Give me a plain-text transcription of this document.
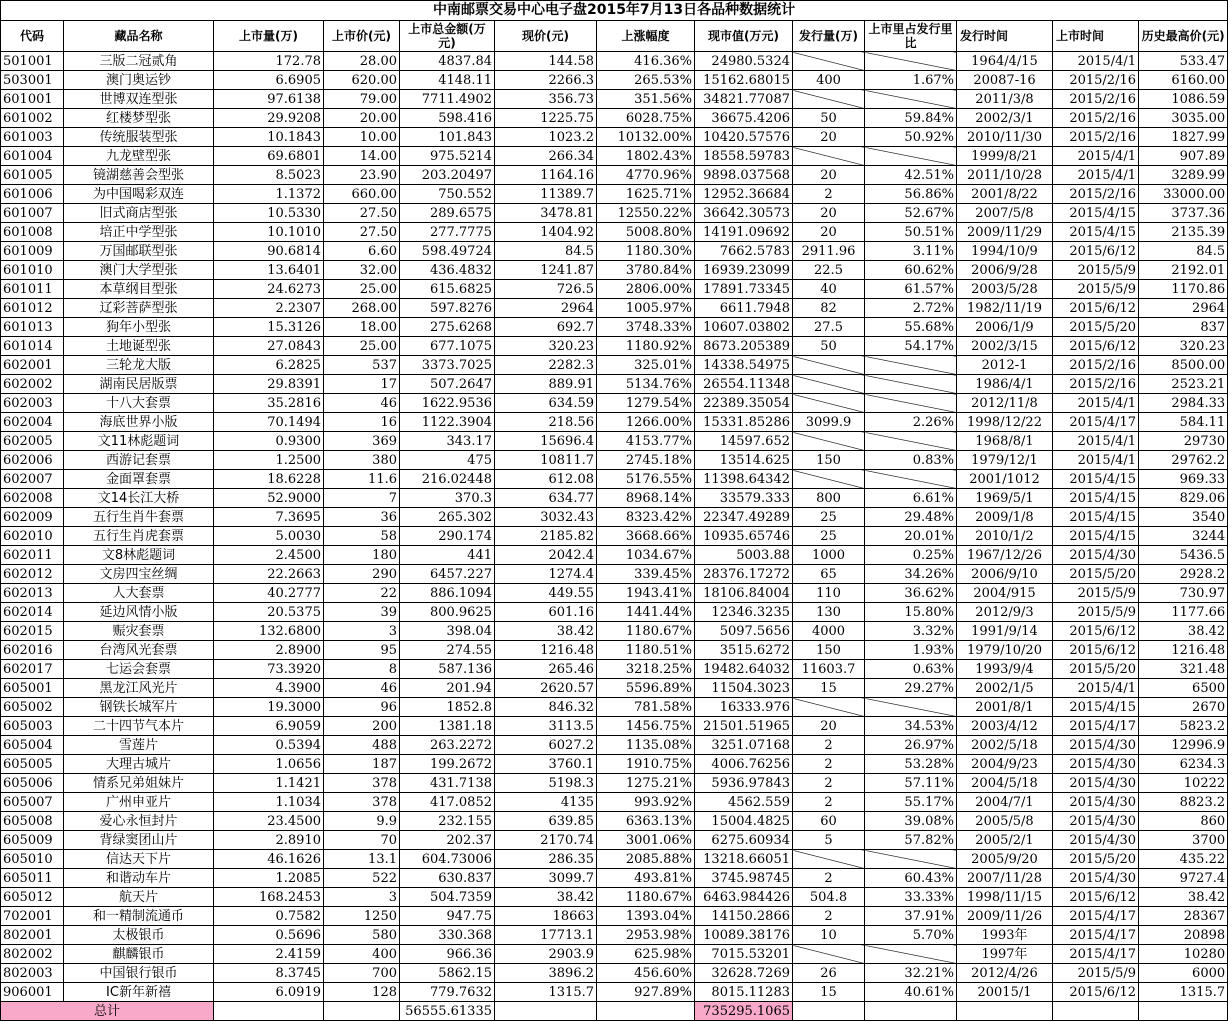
中南邮票交易中心电子盘2015年7月13日各品种数据统计												
代码	藏品名称	上市量(万)	上市价(元)	上市总金额(万元)	现价(元)	上涨幅度	现市值(万元)	发行量(万)	上市里占发行里比	发行时间	上市时间	历史最高价(元)
501001	三版二冠贰角	172.78	28.00	4837.84	144.58	416.36%	24980.5324			1964/4/15	2015/4/1	533.47
503001	澳门奥运钞	6.6905	620.00	4148.11	2266.3	265.53%	15162.68015	400	1.67%	20087-16	2015/2/16	6160.00
601001	世博双连型张	97.6138	79.00	7711.4902	356.73	351.56%	34821.77087			2011/3/8	2015/2/16	1086.59
601002	红楼梦型张	29.9208	20.00	598.416	1225.75	6028.75%	36675.4206	50	59.84%	2002/3/1	2015/2/16	3035.00
601003	传统服装型张	10.1843	10.00	101.843	1023.2	10132.00%	10420.57576	20	50.92%	2010/11/30	2015/2/16	1827.99
601004	九龙壁型张	69.6801	14.00	975.5214	266.34	1802.43%	18558.59783			1999/8/21	2015/4/1	907.89
601005	镜湖慈善会型张	8.5023	23.90	203.20497	1164.16	4770.96%	9898.037568	20	42.51%	2011/10/28	2015/4/1	3289.99
601006	为中国喝彩双连	1.1372	660.00	750.552	11389.7	1625.71%	12952.36684	2	56.86%	2001/8/22	2015/2/16	33000.00
601007	旧式商店型张	10.5330	27.50	289.6575	3478.81	12550.22%	36642.30573	20	52.67%	2007/5/8	2015/4/15	3737.36
601008	培正中学型张	10.1010	27.50	277.7775	1404.92	5008.80%	14191.09692	20	50.51%	2009/11/29	2015/4/15	2135.39
601009	万国邮联型张	90.6814	6.60	598.49724	84.5	1180.30%	7662.5783	2911.96	3.11%	1994/10/9	2015/6/12	84.5
601010	澳门大学型张	13.6401	32.00	436.4832	1241.87	3780.84%	16939.23099	22.5	60.62%	2006/9/28	2015/5/9	2192.01
601011	本草纲目型张	24.6273	25.00	615.6825	726.5	2806.00%	17891.73345	40	61.57%	2003/5/28	2015/5/9	1170.86
601012	辽彩菩萨型张	2.2307	268.00	597.8276	2964	1005.97%	6611.7948	82	2.72%	1982/11/19	2015/6/12	2964
601013	狗年小型张	15.3126	18.00	275.6268	692.7	3748.33%	10607.03802	27.5	55.68%	2006/1/9	2015/5/20	837
601014	土地诞型张	27.0843	25.00	677.1075	320.23	1180.92%	8673.205389	50	54.17%	2002/3/15	2015/6/12	320.23
602001	三轮龙大版	6.2825	537	3373.7025	2282.3	325.01%	14338.54975			2012-1	2015/2/16	8500.00
602002	湖南民居版票	29.8391	17	507.2647	889.91	5134.76%	26554.11348			1986/4/1	2015/2/16	2523.21
602003	十八大套票	35.2816	46	1622.9536	634.59	1279.54%	22389.35054			2012/11/8	2015/4/1	2984.33
602004	海底世界小版	70.1494	16	1122.3904	218.56	1266.00%	15331.85286	3099.9	2.26%	1998/12/22	2015/4/17	584.11
602005	文11林彪题词	0.9300	369	343.17	15696.4	4153.77%	14597.652			1968/8/1	2015/4/1	29730
602006	西游记套票	1.2500	380	475	10811.7	2745.18%	13514.625	150	0.83%	1979/12/1	2015/4/1	29762.2
602007	金面罩套票	18.6228	11.6	216.02448	612.08	5176.55%	11398.64342			2001/1012	2015/4/15	969.33
602008	文14长江大桥	52.9000	7	370.3	634.77	8968.14%	33579.333	800	6.61%	1969/5/1	2015/4/15	829.06
602009	五行生肖牛套票	7.3695	36	265.302	3032.43	8323.42%	22347.49289	25	29.48%	2009/1/8	2015/4/15	3540
602010	五行生肖虎套票	5.0030	58	290.174	2185.82	3668.66%	10935.65746	25	20.01%	2010/1/2	2015/4/15	3244
602011	文8林彪题词	2.4500	180	441	2042.4	1034.67%	5003.88	1000	0.25%	1967/12/26	2015/4/30	5436.5
602012	文房四宝丝绸	22.2663	290	6457.227	1274.4	339.45%	28376.17272	65	34.26%	2006/9/10	2015/5/20	2928.2
602013	人大套票	40.2777	22	886.1094	449.55	1943.41%	18106.84004	110	36.62%	2004/915	2015/5/9	730.97
602014	延边风情小版	20.5375	39	800.9625	601.16	1441.44%	12346.3235	130	15.80%	2012/9/3	2015/5/9	1177.66
602015	赈灾套票	132.6800	3	398.04	38.42	1180.67%	5097.5656	4000	3.32%	1991/9/14	2015/6/12	38.42
602016	台湾风光套票	2.8900	95	274.55	1216.48	1180.51%	3515.6272	150	1.93%	1979/10/20	2015/6/12	1216.48
602017	七运会套票	73.3920	8	587.136	265.46	3218.25%	19482.64032	11603.7	0.63%	1993/9/4	2015/5/20	321.48
605001	黑龙江风光片	4.3900	46	201.94	2620.57	5596.89%	11504.3023	15	29.27%	2002/1/5	2015/4/1	6500
605002	钢铁长城军片	19.3000	96	1852.8	846.32	781.58%	16333.976			2001/8/1	2015/4/15	2670
605003	二十四节气本片	6.9059	200	1381.18	3113.5	1456.75%	21501.51965	20	34.53%	2003/4/12	2015/4/17	5823.2
605004	雪莲片	0.5394	488	263.2272	6027.2	1135.08%	3251.07168	2	26.97%	2002/5/18	2015/4/30	12996.9
605005	大理古城片	1.0656	187	199.2672	3760.1	1910.75%	4006.76256	2	53.28%	2004/9/23	2015/4/30	6234.3
605006	情系兄弟姐妹片	1.1421	378	431.7138	5198.3	1275.21%	5936.97843	2	57.11%	2004/5/18	2015/4/30	10222
605007	广州申亚片	1.1034	378	417.0852	4135	993.92%	4562.559	2	55.17%	2004/7/1	2015/4/30	8823.2
605008	爱心永恒封片	23.4500	9.9	232.155	639.85	6363.13%	15004.4825	60	39.08%	2005/5/8	2015/4/30	860
605009	背绿窦团山片	2.8910	70	202.37	2170.74	3001.06%	6275.60934	5	57.82%	2005/2/1	2015/4/30	3700
605010	信达天下片	46.1626	13.1	604.73006	286.35	2085.88%	13218.66051			2005/9/20	2015/5/20	435.22
605011	和谐动车片	1.2085	522	630.837	3099.7	493.81%	3745.98745	2	60.43%	2007/11/28	2015/4/30	9727.4
605012	航天片	168.2453	3	504.7359	38.42	1180.67%	6463.984426	504.8	33.33%	1998/11/15	2015/6/12	38.42
702001	和一精制流通币	0.7582	1250	947.75	18663	1393.04%	14150.2866	2	37.91%	2009/11/26	2015/4/17	28367
802001	太极银币	0.5696	580	330.368	17713.1	2953.98%	10089.38176	10	5.70%	1993年	2015/4/17	20898
802002	麒麟银币	2.4159	400	966.36	2903.9	625.98%	7015.53201			1997年	2015/4/17	10280
802003	中国银行银币	8.3745	700	5862.15	3896.2	456.60%	32628.7269	26	32.21%	2012/4/26	2015/5/9	6000
906001	IC新年新禧	6.0919	128	779.7632	1315.7	927.89%	8015.11283	15	40.61%	20015/1	2015/6/12	1315.7
总计				56555.61335			735295.1065					
